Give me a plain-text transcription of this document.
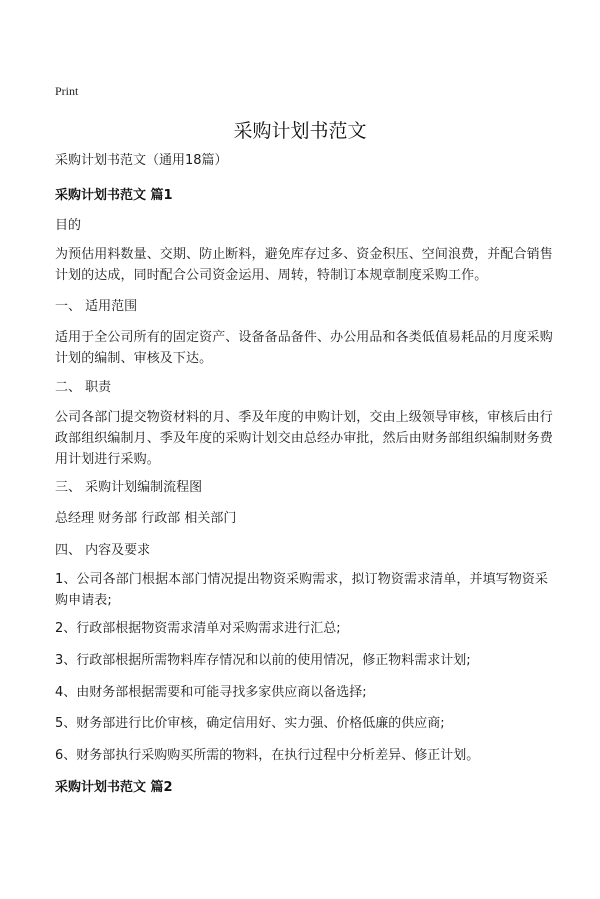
Print
采购计划书范文

采购计划书范文（通用18篇）

采购计划书范文 篇1

目的

为预估用料数量、交期、防止断料，避免库存过多、资金积压、空间浪费，并配合销售计划的达成，同时配合公司资金运用、周转，特制订本规章制度采购工作。

一、 适用范围

适用于全公司所有的固定资产、设备备品备件、办公用品和各类低值易耗品的月度采购计划的编制、审核及下达。

二、 职责

公司各部门提交物资材料的月、季及年度的申购计划，交由上级领导审核，审核后由行政部组织编制月、季及年度的采购计划交由总经办审批，然后由财务部组织编制财务费用计划进行采购。

三、 采购计划编制流程图

总经理 财务部 行政部 相关部门

四、 内容及要求

1、公司各部门根据本部门情况提出物资采购需求，拟订物资需求清单，并填写物资采购申请表;

2、行政部根据物资需求清单对采购需求进行汇总;

3、行政部根据所需物料库存情况和以前的使用情况，修正物料需求计划;

4、由财务部根据需要和可能寻找多家供应商以备选择;

5、财务部进行比价审核，确定信用好、实力强、价格低廉的供应商;

6、财务部执行采购购买所需的物料，在执行过程中分析差异、修正计划。

采购计划书范文 篇2
